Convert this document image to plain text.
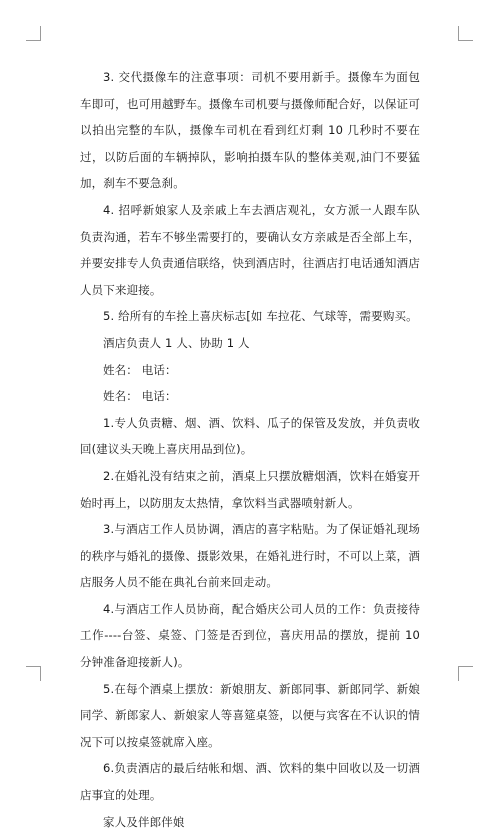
3. 交代摄像车的注意事项：司机不要用新手。摄像车为面包车即可，也可用越野车。摄像车司机要与摄像师配合好，以保证可以拍出完整的车队，摄像车司机在看到红灯剩 10 几秒时不要在过，以防后面的车辆掉队，影响拍摄车队的整体美观,油门不要猛加，刹车不要急刹。

4. 招呼新娘家人及亲戚上车去酒店观礼，女方派一人跟车队负责沟通，若车不够坐需要打的，要确认女方亲戚是否全部上车，并要安排专人负责通信联络，快到酒店时，往酒店打电话通知酒店人员下来迎接。

5. 给所有的车拴上喜庆标志[如 车拉花、气球等，需要购买。

酒店负责人 1 人、协助 1 人

姓名： 电话：

姓名： 电话：

1.专人负责糖、烟、酒、饮料、瓜子的保管及发放，并负责收回(建议头天晚上喜庆用品到位)。

2.在婚礼没有结束之前，酒桌上只摆放糖烟酒，饮料在婚宴开始时再上，以防朋友太热情，拿饮料当武器喷射新人。

3.与酒店工作人员协调，酒店的喜字粘贴。为了保证婚礼现场的秩序与婚礼的摄像、摄影效果，在婚礼进行时，不可以上菜，酒店服务人员不能在典礼台前来回走动。

4.与酒店工作人员协商，配合婚庆公司人员的工作：负责接待工作----台签、桌签、门签是否到位，喜庆用品的摆放，提前 10 分钟准备迎接新人)。

5.在每个酒桌上摆放：新娘朋友、新郎同事、新郎同学、新娘同学、新郎家人、新娘家人等喜筵桌签，以便与宾客在不认识的情况下可以按桌签就席入座。

6.负责酒店的最后结帐和烟、酒、饮料的集中回收以及一切酒店事宜的处理。

家人及伴郎伴娘
